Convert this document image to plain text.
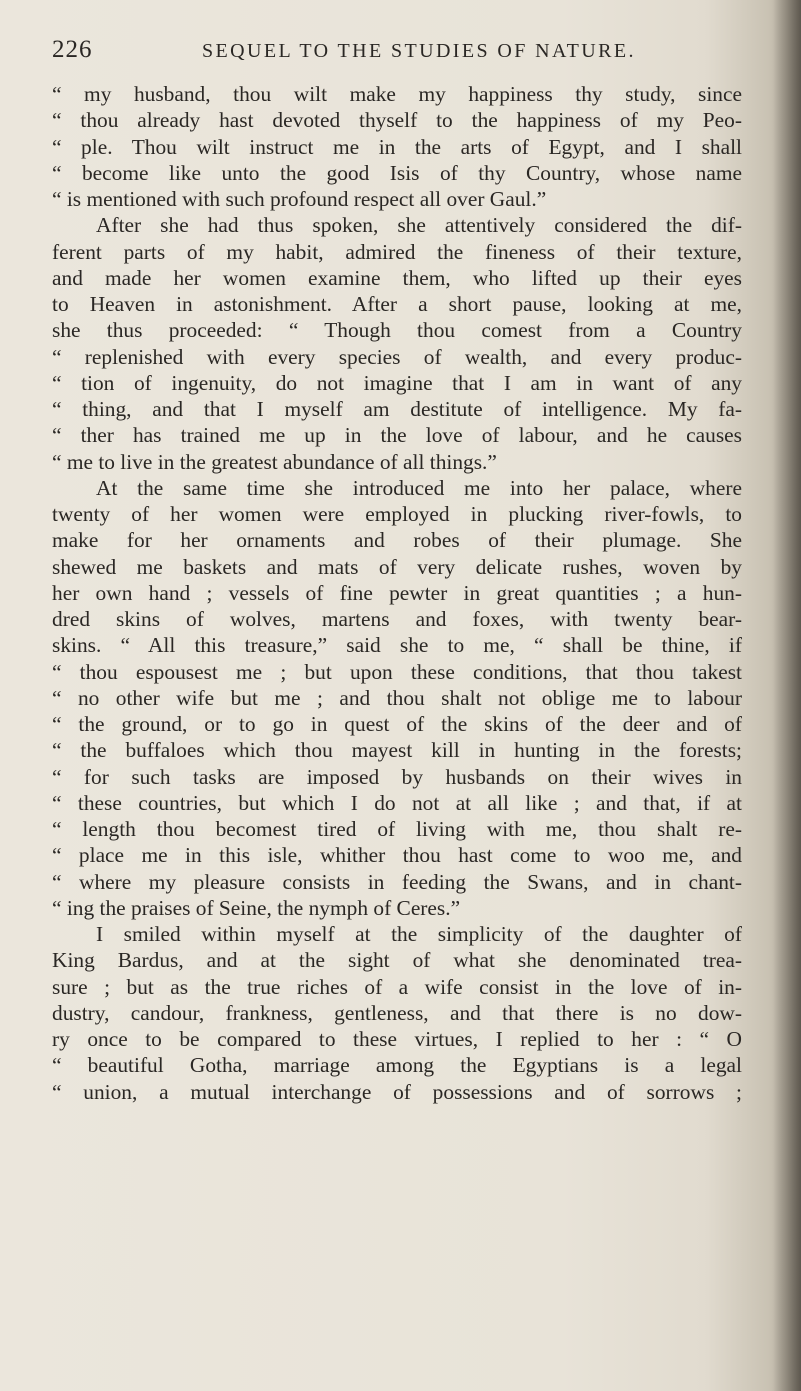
226	SEQUEL TO THE STUDIES OF NATURE.
“ my husband, thou wilt make my happiness thy study, since
“ thou already hast devoted thyself to the happiness of my Peo-
“ ple. Thou wilt instruct me in the arts of Egypt, and I shall
“ become like unto the good Isis of thy Country, whose name
“ is mentioned with such profound respect all over Gaul.”
After she had thus spoken, she attentively considered the dif-
ferent parts of my habit, admired the fineness of their texture,
and made her women examine them, who lifted up their eyes
to Heaven in astonishment. After a short pause, looking at me,
she thus proceeded: “ Though thou comest from a Country
“ replenished with every species of wealth, and every produc-
“ tion of ingenuity, do not imagine that I am in want of any
“ thing, and that I myself am destitute of intelligence. My fa-
“ ther has trained me up in the love of labour, and he causes
“ me to live in the greatest abundance of all things.”
At the same time she introduced me into her palace, where
twenty of her women were employed in plucking river-fowls, to
make for her ornaments and robes of their plumage. She
shewed me baskets and mats of very delicate rushes, woven by
her own hand ; vessels of fine pewter in great quantities ; a hun-
dred skins of wolves, martens and foxes, with twenty bear-
skins. “ All this treasure,” said she to me, “ shall be thine, if
“ thou espousest me ; but upon these conditions, that thou takest
“ no other wife but me ; and thou shalt not oblige me to labour
“ the ground, or to go in quest of the skins of the deer and of
“ the buffaloes which thou mayest kill in hunting in the forests;
“ for such tasks are imposed by husbands on their wives in
“ these countries, but which I do not at all like ; and that, if at
“ length thou becomest tired of living with me, thou shalt re-
“ place me in this isle, whither thou hast come to woo me, and
“ where my pleasure consists in feeding the Swans, and in chant-
“ ing the praises of Seine, the nymph of Ceres.”
I smiled within myself at the simplicity of the daughter of
King Bardus, and at the sight of what she denominated trea-
sure ; but as the true riches of a wife consist in the love of in-
dustry, candour, frankness, gentleness, and that there is no dow-
ry once to be compared to these virtues, I replied to her : “ O
“ beautiful Gotha, marriage among the Egyptians is a legal
“ union, a mutual interchange of possessions and of sorrows ;
